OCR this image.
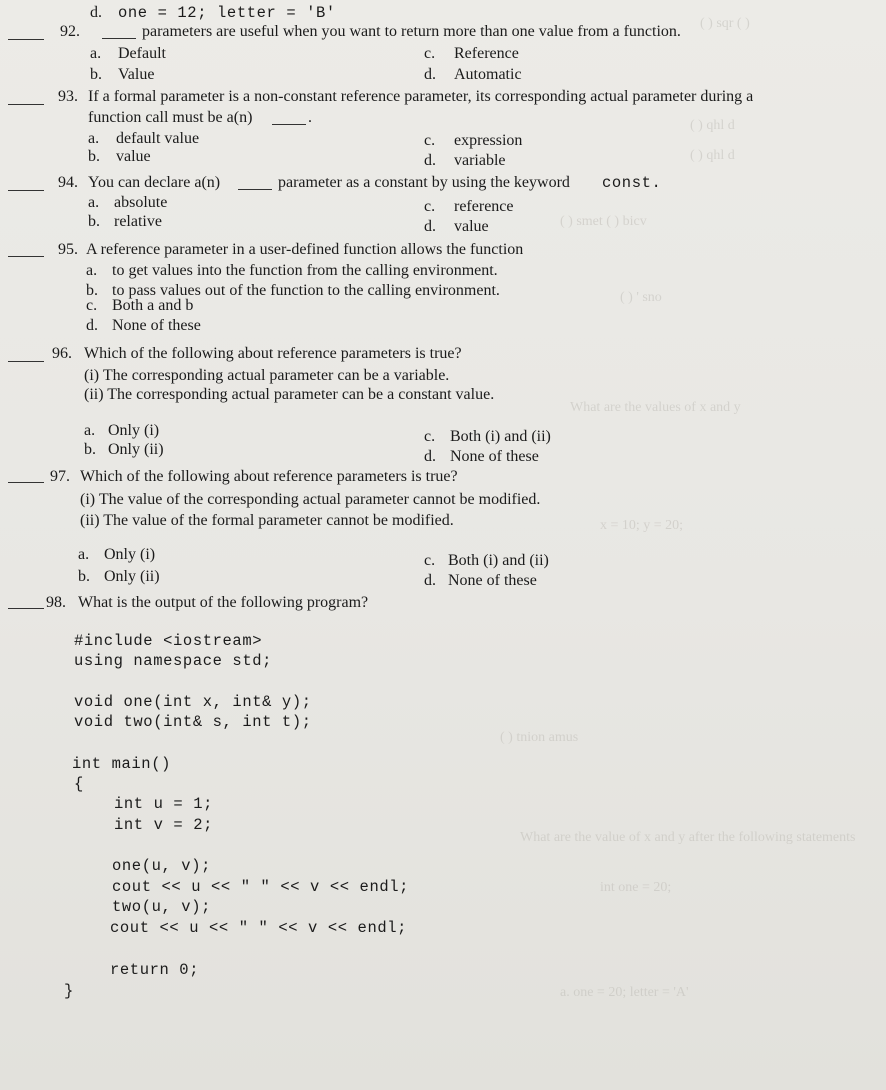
( ) sqr ( )
( ) qhl d
( ) qhl d
( ) smet ( ) bicv
( ) ' sno
What are the values of x and y
x = 10; y = 20;
( ) tnion amus
What are the value of x and y after the following statements
int one = 20;
a. one = 20; letter = 'A'
d. one = 12; letter = 'B'
92.	parameters are useful when you want to return more than one value from a function.
a. Default
b. Value
c. Reference
d. Automatic
93. If a formal parameter is a non-constant reference parameter, its corresponding actual parameter during a
function call must be a(n)	.
a. default value
b. value
c. expression
d. variable
94. You can declare a(n)	parameter as a constant by using the keyword const.
a. absolute
b. relative
c. reference
d. value
95. A reference parameter in a user-defined function allows the function
a. to get values into the function from the calling environment.
b. to pass values out of the function to the calling environment.
c. Both a and b
d. None of these
96. Which of the following about reference parameters is true?
(i) The corresponding actual parameter can be a variable.
(ii) The corresponding actual parameter can be a constant value.
a. Only (i)
b. Only (ii)
c. Both (i) and (ii)
d. None of these
97. Which of the following about reference parameters is true?
(i) The value of the corresponding actual parameter cannot be modified.
(ii) The value of the formal parameter cannot be modified.
a. Only (i)
b. Only (ii)
c. Both (i) and (ii)
d. None of these
98. What is the output of the following program?
#include <iostream>
using namespace std;
void one(int x, int& y);
void two(int& s, int t);
int main()
{
int u = 1;
int v = 2;
one(u, v);
cout << u << " " << v << endl;
two(u, v);
cout << u << " " << v << endl;
return 0;
}
